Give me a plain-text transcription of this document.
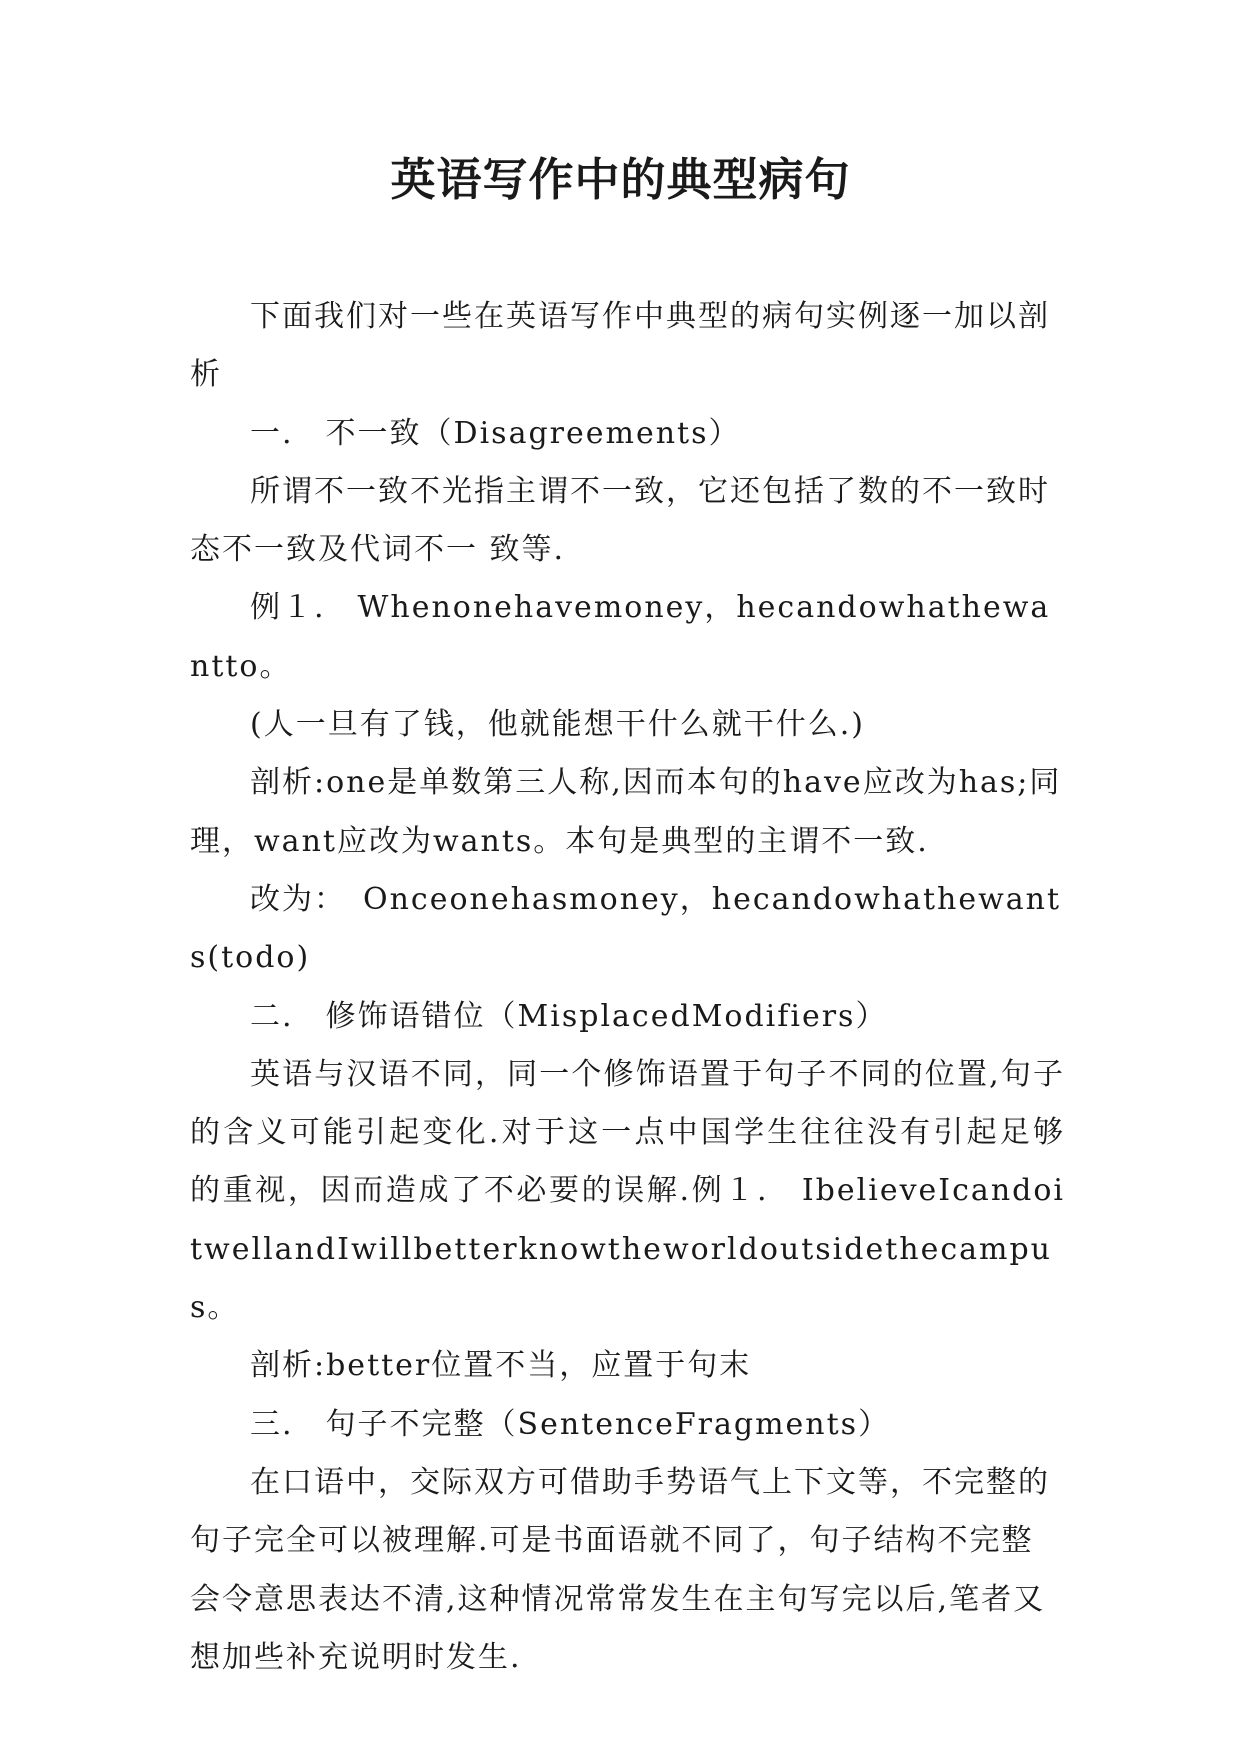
英语写作中的典型病句

下面我们对一些在英语写作中典型的病句实例逐一加以剖析

一.　不一致（Disagreements）

所谓不一致不光指主谓不一致，它还包括了数的不一致时态不一致及代词不一 致等.

例１.　Whenonehavemoney，hecandowhathewantto。

(人一旦有了钱，他就能想干什么就干什么.)

剖析:one是单数第三人称,因而本句的have应改为has;同理，want应改为wants。本句是典型的主谓不一致.

改为：　Onceonehasmoney，hecandowhathewants(todo)

二.　修饰语错位（MisplacedModifiers）

英语与汉语不同，同一个修饰语置于句子不同的位置,句子的含义可能引起变化.对于这一点中国学生往往没有引起足够的重视，因而造成了不必要的误解.例１.　IbelieveIcandoitwellandIwillbetterknowtheworldoutsidethecampus。

剖析:better位置不当，应置于句末

三.　句子不完整（SentenceFragments）

在口语中，交际双方可借助手势语气上下文等，不完整的句子完全可以被理解.可是书面语就不同了，句子结构不完整会令意思表达不清,这种情况常常发生在主句写完以后,笔者又想加些补充说明时发生.
